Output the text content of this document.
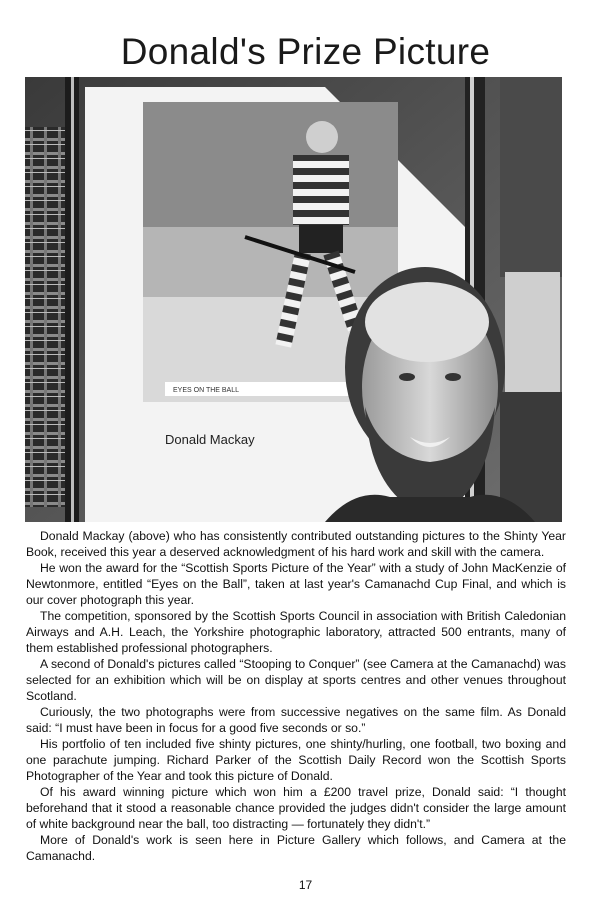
Donald's Prize Picture
EYES ON THE BALL
Donald Mackay

Donald Mackay (above) who has consistently contributed outstanding pictures to the Shinty Year Book, received this year a deserved acknowledgment of his hard work and skill with the camera.

He won the award for the “Scottish Sports Picture of the Year” with a study of John MacKenzie of Newtonmore, entitled “Eyes on the Ball”, taken at last year's Camanachd Cup Final, and which is our cover photograph this year.

The competition, sponsored by the Scottish Sports Council in association with British Caledonian Airways and A.H. Leach, the Yorkshire photographic laboratory, attracted 500 entrants, many of them established professional photographers.

A second of Donald's pictures called “Stooping to Conquer” (see Camera at the Camanachd) was selected for an exhibition which will be on display at sports centres and other venues throughout Scotland.

Curiously, the two photographs were from successive negatives on the same film. As Donald said: “I must have been in focus for a good five seconds or so.”

His portfolio of ten included five shinty pictures, one shinty/hurling, one football, two boxing and one parachute jumping. Richard Parker of the Scottish Daily Record won the Scottish Sports Photographer of the Year and took this picture of Donald.

Of his award winning picture which won him a £200 travel prize, Donald said: “I thought beforehand that it stood a reasonable chance provided the judges didn't consider the large amount of white background near the ball, too distracting — fortunately they didn't.”

More of Donald's work is seen here in Picture Gallery which follows, and Camera at the Camanachd.

17
